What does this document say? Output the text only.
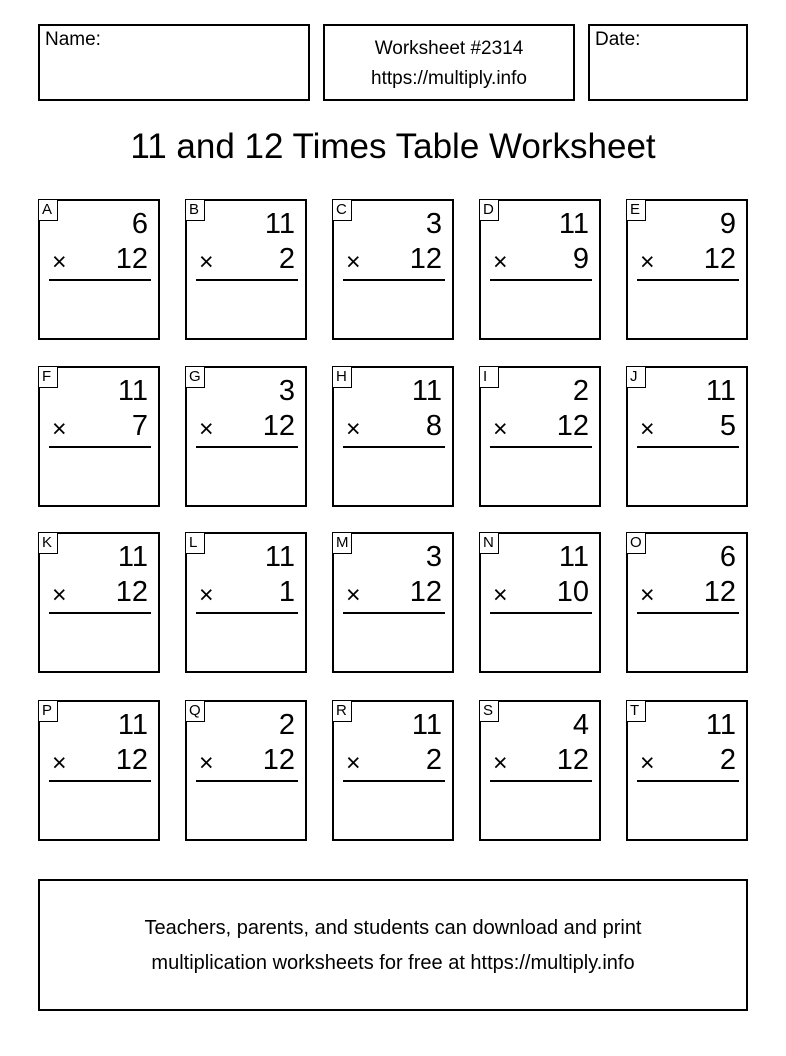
Name:	Worksheet #2314
https://multiply.info
Date:
11 and 12 Times Table Worksheet
A	6
× 12
B 11
× 2
C	3
× 12
D 11
× 9
E	9
× 12
F 11
× 7
G	3
× 12
H 11
× 8
I	2
× 12
J 11
× 5
K 11
× 12
L 11
× 1
M	3
× 12
N 11
× 10
O	6
× 12
P 11
× 12
Q	2
× 12
R 11
× 2
S	4
× 12
T 11
× 2
Teachers, parents, and students can download and print
multiplication worksheets for free at https://multiply.info
